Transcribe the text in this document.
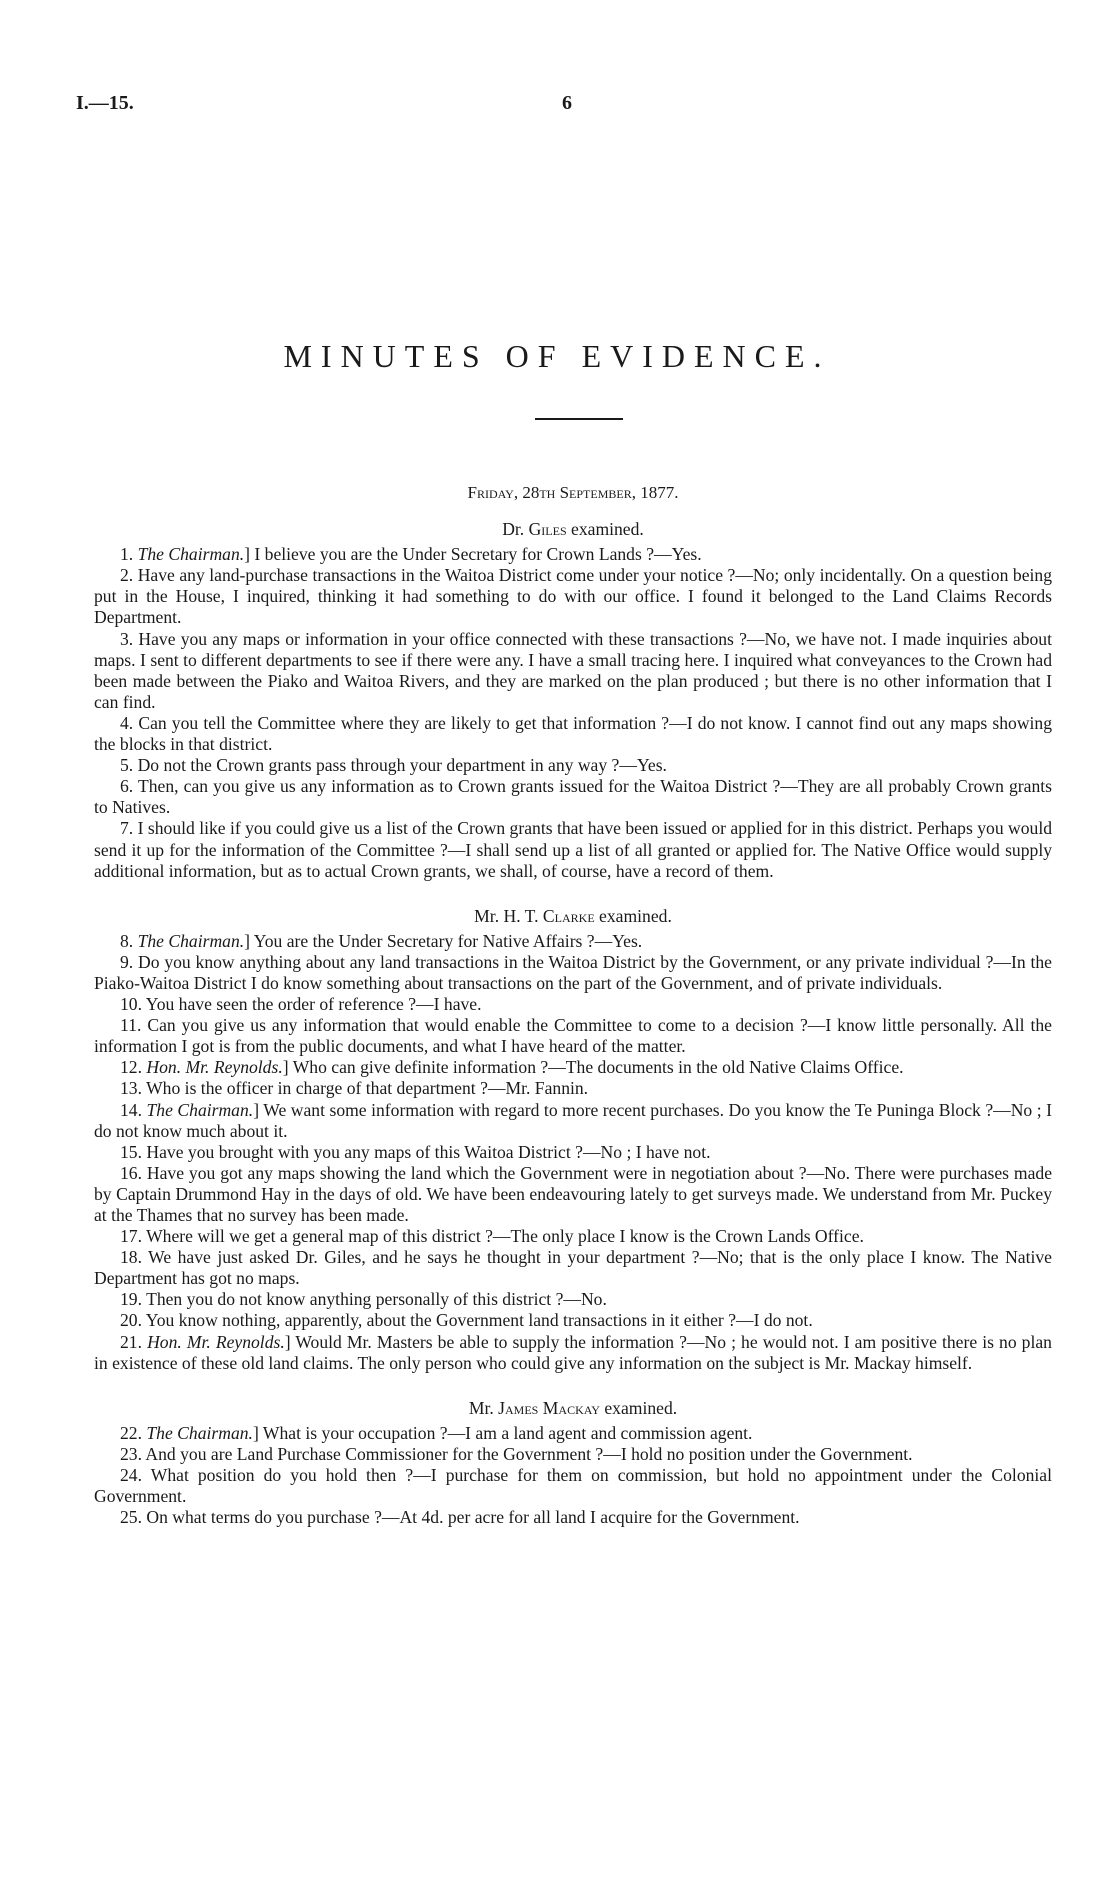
I.—15.	6
MINUTES OF EVIDENCE.
Friday, 28th September, 1877.
Dr. Giles examined.

1. The Chairman.] I believe you are the Under Secretary for Crown Lands ?—Yes.

2. Have any land-purchase transactions in the Waitoa District come under your notice ?—No; only incidentally. On a question being put in the House, I inquired, thinking it had something to do with our office. I found it belonged to the Land Claims Records Department.

3. Have you any maps or information in your office connected with these transactions ?—No, we have not. I made inquiries about maps. I sent to different departments to see if there were any. I have a small tracing here. I inquired what conveyances to the Crown had been made between the Piako and Waitoa Rivers, and they are marked on the plan produced ; but there is no other information that I can find.

4. Can you tell the Committee where they are likely to get that information ?—I do not know. I cannot find out any maps showing the blocks in that district.

5. Do not the Crown grants pass through your department in any way ?—Yes.

6. Then, can you give us any information as to Crown grants issued for the Waitoa District ?—They are all probably Crown grants to Natives.

7. I should like if you could give us a list of the Crown grants that have been issued or applied for in this district. Perhaps you would send it up for the information of the Committee ?—I shall send up a list of all granted or applied for. The Native Office would supply additional information, but as to actual Crown grants, we shall, of course, have a record of them.

Mr. H. T. Clarke examined.

8. The Chairman.] You are the Under Secretary for Native Affairs ?—Yes.

9. Do you know anything about any land transactions in the Waitoa District by the Government, or any private individual ?—In the Piako-Waitoa District I do know something about transactions on the part of the Government, and of private individuals.

10. You have seen the order of reference ?—I have.

11. Can you give us any information that would enable the Committee to come to a decision ?—I know little personally. All the information I got is from the public documents, and what I have heard of the matter.

12. Hon. Mr. Reynolds.] Who can give definite information ?—The documents in the old Native Claims Office.

13. Who is the officer in charge of that department ?—Mr. Fannin.

14. The Chairman.] We want some information with regard to more recent purchases. Do you know the Te Puninga Block ?—No ; I do not know much about it.

15. Have you brought with you any maps of this Waitoa District ?—No ; I have not.

16. Have you got any maps showing the land which the Government were in negotiation about ?—No. There were purchases made by Captain Drummond Hay in the days of old. We have been endeavouring lately to get surveys made. We understand from Mr. Puckey at the Thames that no survey has been made.

17. Where will we get a general map of this district ?—The only place I know is the Crown Lands Office.

18. We have just asked Dr. Giles, and he says he thought in your department ?—No; that is the only place I know. The Native Department has got no maps.

19. Then you do not know anything personally of this district ?—No.

20. You know nothing, apparently, about the Government land transactions in it either ?—I do not.

21. Hon. Mr. Reynolds.] Would Mr. Masters be able to supply the information ?—No ; he would not. I am positive there is no plan in existence of these old land claims. The only person who could give any information on the subject is Mr. Mackay himself.

Mr. James Mackay examined.

22. The Chairman.] What is your occupation ?—I am a land agent and commission agent.

23. And you are Land Purchase Commissioner for the Government ?—I hold no position under the Government.

24. What position do you hold then ?—I purchase for them on commission, but hold no appointment under the Colonial Government.

25. On what terms do you purchase ?—At 4d. per acre for all land I acquire for the Government.
